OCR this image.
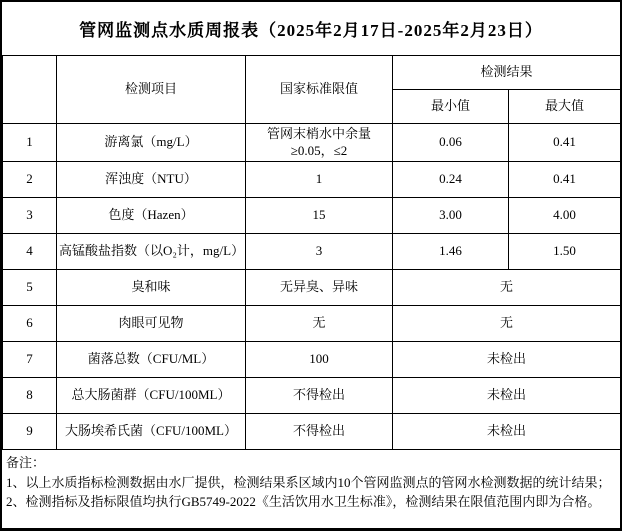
管网监测点水质周报表（2025年2月17日-2025年2月23日）
	检测项目	国家标准限值	检测结果	
			最小值	最大值
1	游离氯（mg/L）	管网末梢水中余量≥0.05，≤2	0.06	0.41
2	浑浊度（NTU）	1	0.24	0.41
3	色度（Hazen）	15	3.00	4.00
4	高锰酸盐指数（以O₂计，mg/L）	3	1.46	1.50
5	臭和味	无异臭、异味	无	
6	肉眼可见物	无	无	
7	菌落总数（CFU/ML）	100	未检出	
8	总大肠菌群（CFU/100ML）	不得检出	未检出	
9	大肠埃希氏菌（CFU/100ML）	不得检出	未检出	
备注：
1、以上水质指标检测数据由水厂提供，检测结果系区域内10个管网监测点的管网水检测数据的统计结果；
2、检测指标及指标限值均执行GB5749-2022《生活饮用水卫生标准》，检测结果在限值范围内即为合格。
